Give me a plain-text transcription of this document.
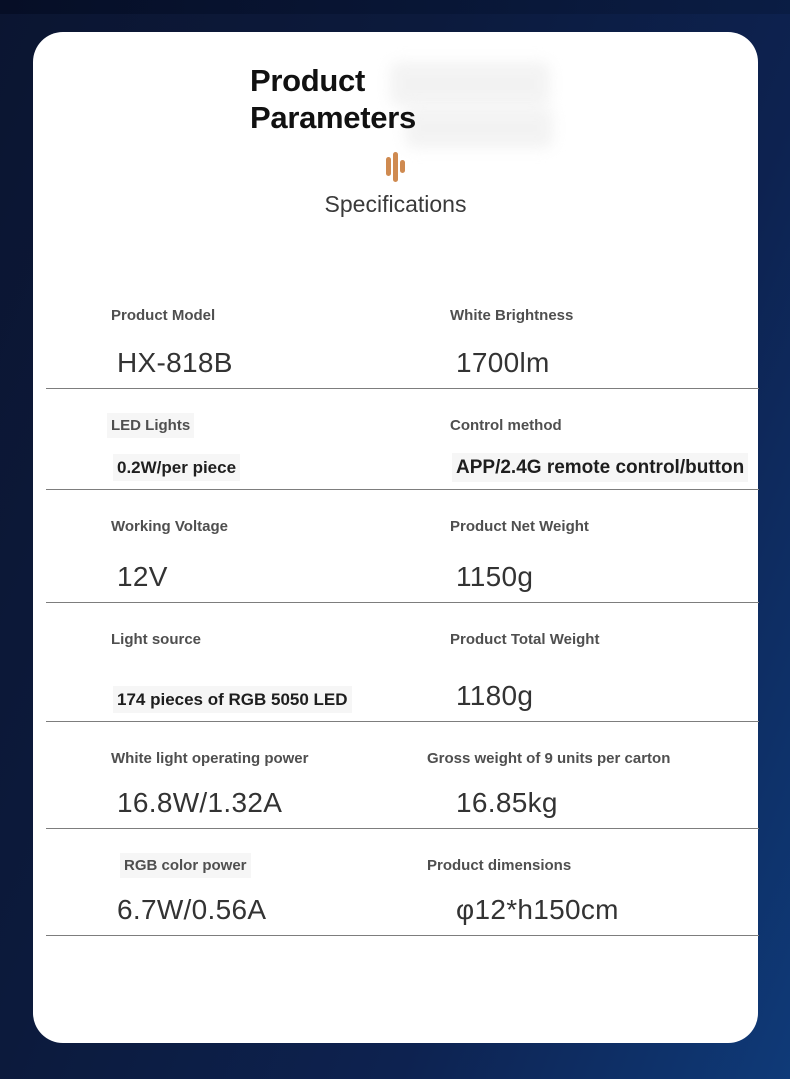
Product
Parameters
Specifications
Product Model
HX-818B
White Brightness
1700lm
LED Lights
0.2W/per piece
Control method
APP/2.4G remote control/button
Working Voltage
12V
Product Net Weight
1150g
Light source
174 pieces of RGB 5050 LED
Product Total Weight
1180g
White light operating power
16.8W/1.32A
Gross weight of 9 units per carton
16.85kg
RGB color power
6.7W/0.56A
Product dimensions
φ12*h150cm
